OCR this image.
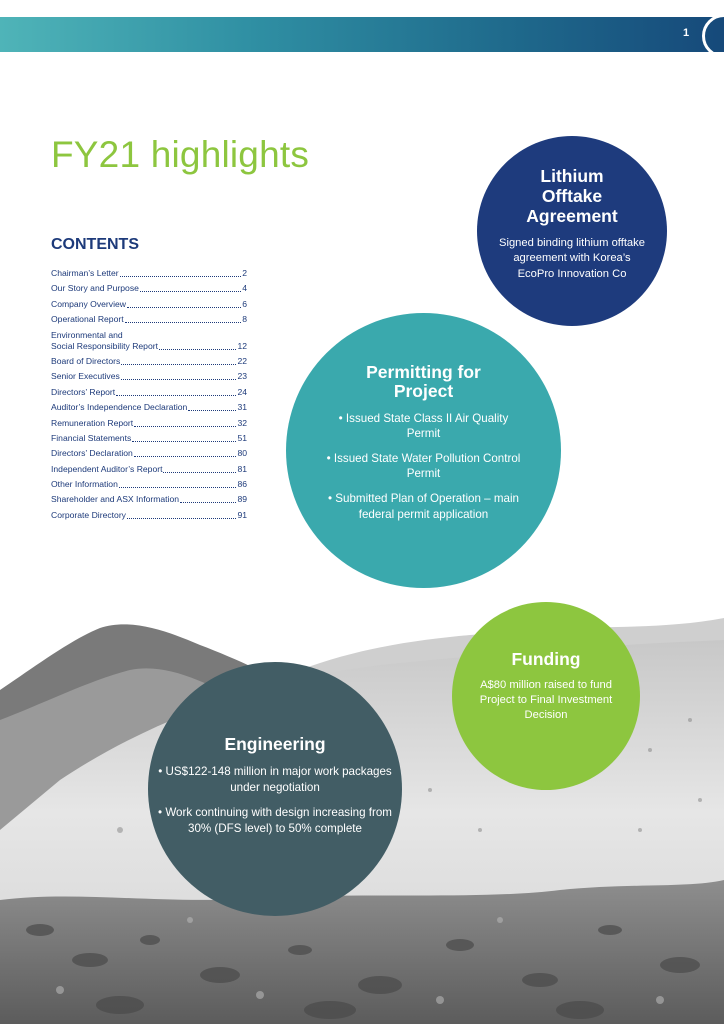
1
FY21 highlights
CONTENTS
Chairman’s Letter	2
Our Story and Purpose	4
Company Overview	6
Operational Report	8
Environmental and
Social Responsibility Report	12
Board of Directors	22
Senior Executives	23
Directors’ Report	24
Auditor’s Independence Declaration	31
Remuneration Report	32
Financial Statements	51
Directors’ Declaration	80
Independent Auditor’s Report	81
Other Information	86
Shareholder and ASX Information	89
Corporate Directory	91
Lithium Offtake Agreement

Signed binding lithium offtake agreement with Korea’s EcoPro Innovation Co

Permitting for Project

• Issued State Class II Air Quality Permit

• Issued State Water Pollution Control Permit

• Submitted Plan of Operation – main federal permit application

Funding

A$80 million raised to fund Project to Final Investment Decision

Engineering

• US$122-148 million in major work packages under negotiation

• Work continuing with design increasing from 30% (DFS level) to 50% complete
